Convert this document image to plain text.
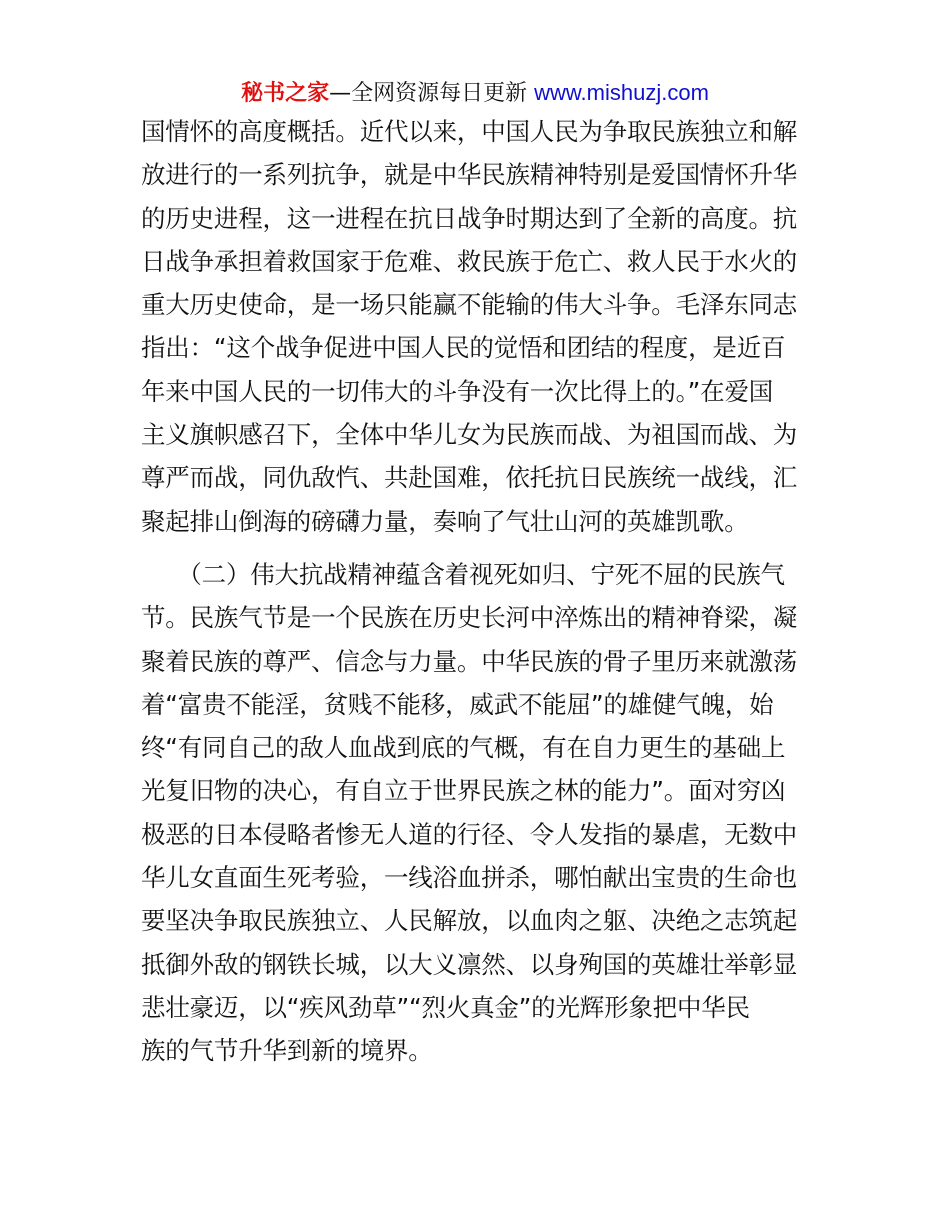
秘书之家—全网资源每日更新 www.mishuzj.com
国情怀的高度概括。近代以来，中国人民为争取民族独立和解
放进行的一系列抗争，就是中华民族精神特别是爱国情怀升华
的历史进程，这一进程在抗日战争时期达到了全新的高度。抗
日战争承担着救国家于危难、救民族于危亡、救人民于水火的
重大历史使命，是一场只能赢不能输的伟大斗争。毛泽东同志
指出：“这个战争促进中国人民的觉悟和团结的程度，是近百
年来中国人民的一切伟大的斗争没有一次比得上的。”在爱国
主义旗帜感召下，全体中华儿女为民族而战、为祖国而战、为
尊严而战，同仇敌忾、共赴国难，依托抗日民族统一战线，汇
聚起排山倒海的磅礴力量，奏响了气壮山河的英雄凯歌。
　　（二）伟大抗战精神蕴含着视死如归、宁死不屈的民族气
节。民族气节是一个民族在历史长河中淬炼出的精神脊梁，凝
聚着民族的尊严、信念与力量。中华民族的骨子里历来就激荡
着“富贵不能淫，贫贱不能移，威武不能屈”的雄健气魄，始
终“有同自己的敌人血战到底的气概，有在自力更生的基础上
光复旧物的决心，有自立于世界民族之林的能力”。面对穷凶
极恶的日本侵略者惨无人道的行径、令人发指的暴虐，无数中
华儿女直面生死考验，一线浴血拼杀，哪怕献出宝贵的生命也
要坚决争取民族独立、人民解放，以血肉之躯、决绝之志筑起
抵御外敌的钢铁长城，以大义凛然、以身殉国的英雄壮举彰显
悲壮豪迈，以“疾风劲草”“烈火真金”的光辉形象把中华民
族的气节升华到新的境界。
